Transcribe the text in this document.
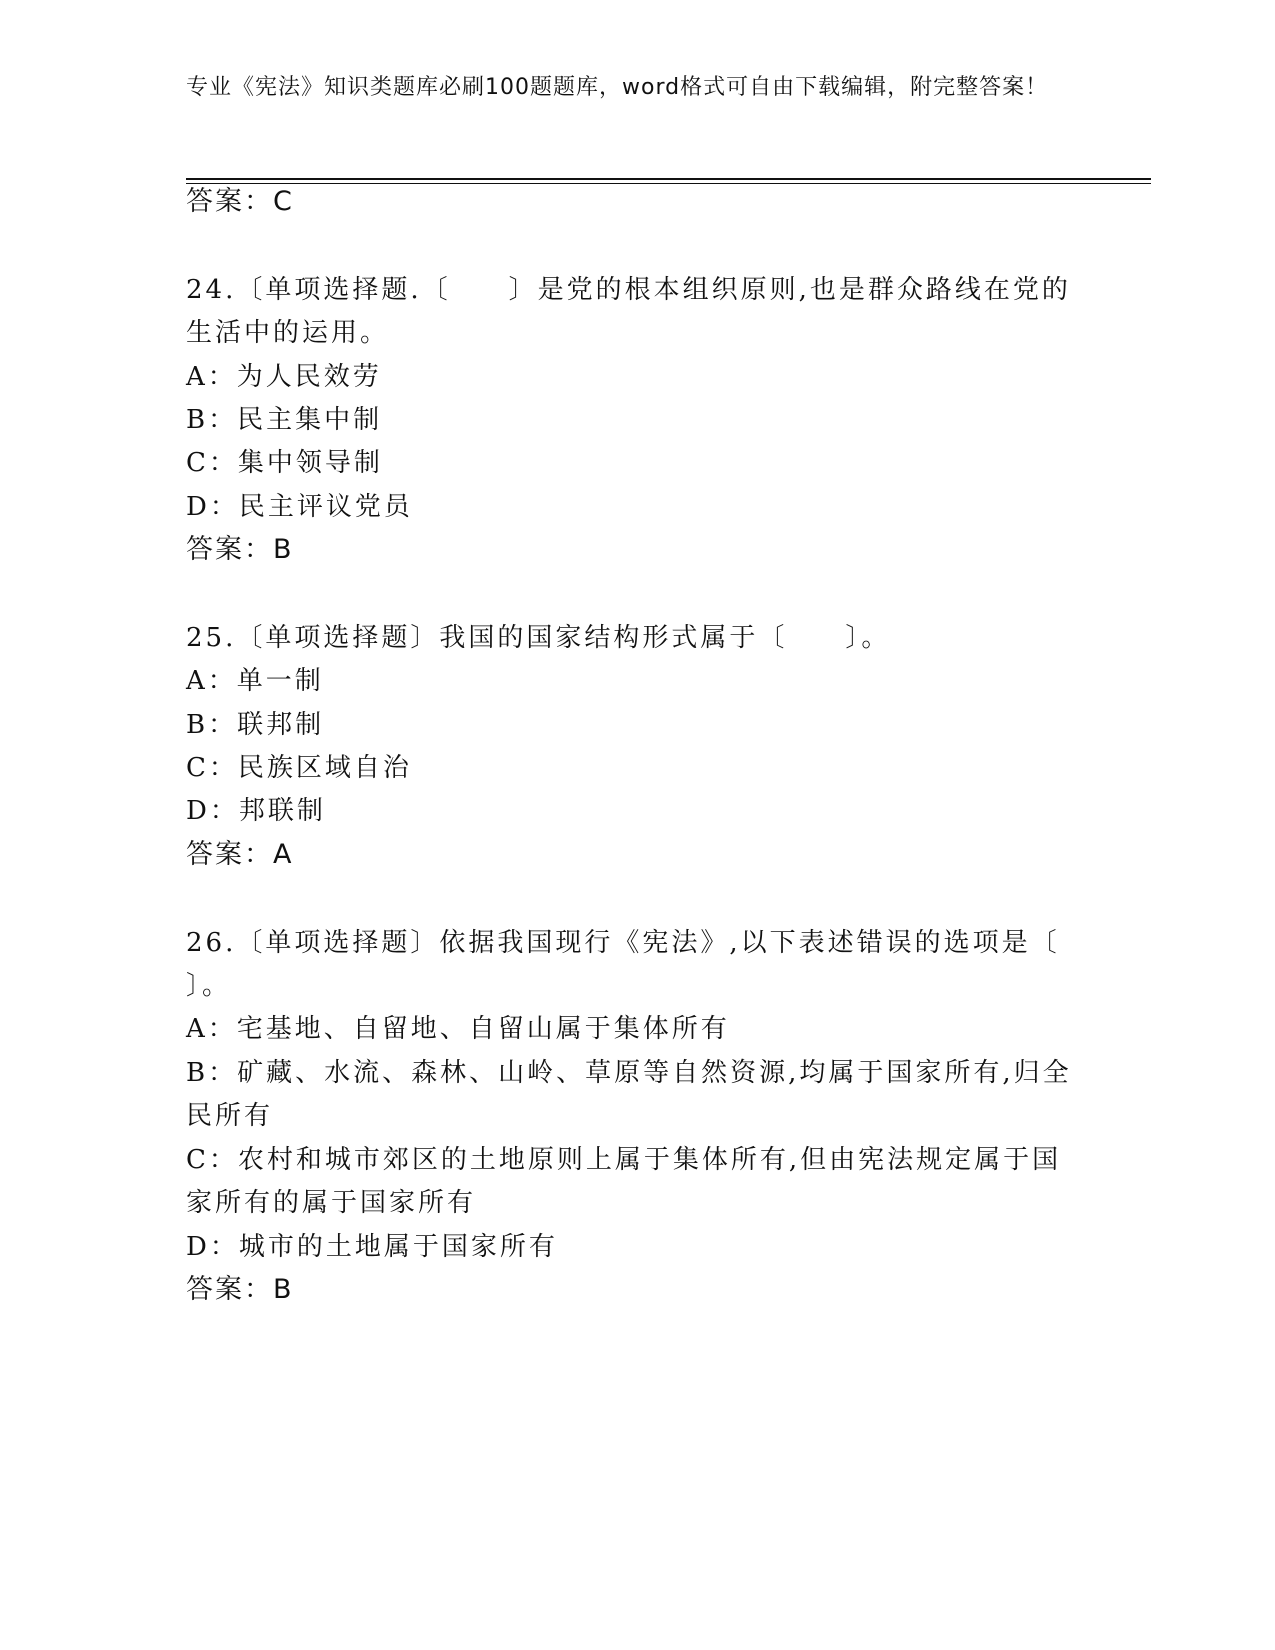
专业《宪法》知识类题库必刷100题题库，word格式可自由下载编辑，附完整答案！
答案：C
24.〔单项选择题.〔　　〕是党的根本组织原则,也是群众路线在党的
生活中的运用。
A：为人民效劳
B：民主集中制
C：集中领导制
D：民主评议党员
答案：B
25.〔单项选择题〕我国的国家结构形式属于〔　　〕。
A：单一制
B：联邦制
C：民族区域自治
D：邦联制
答案：A
26.〔单项选择题〕依据我国现行《宪法》,以下表述错误的选项是〔
〕。
A：宅基地、自留地、自留山属于集体所有
B：矿藏、水流、森林、山岭、草原等自然资源,均属于国家所有,归全
民所有
C：农村和城市郊区的土地原则上属于集体所有,但由宪法规定属于国
家所有的属于国家所有
D：城市的土地属于国家所有
答案：B
